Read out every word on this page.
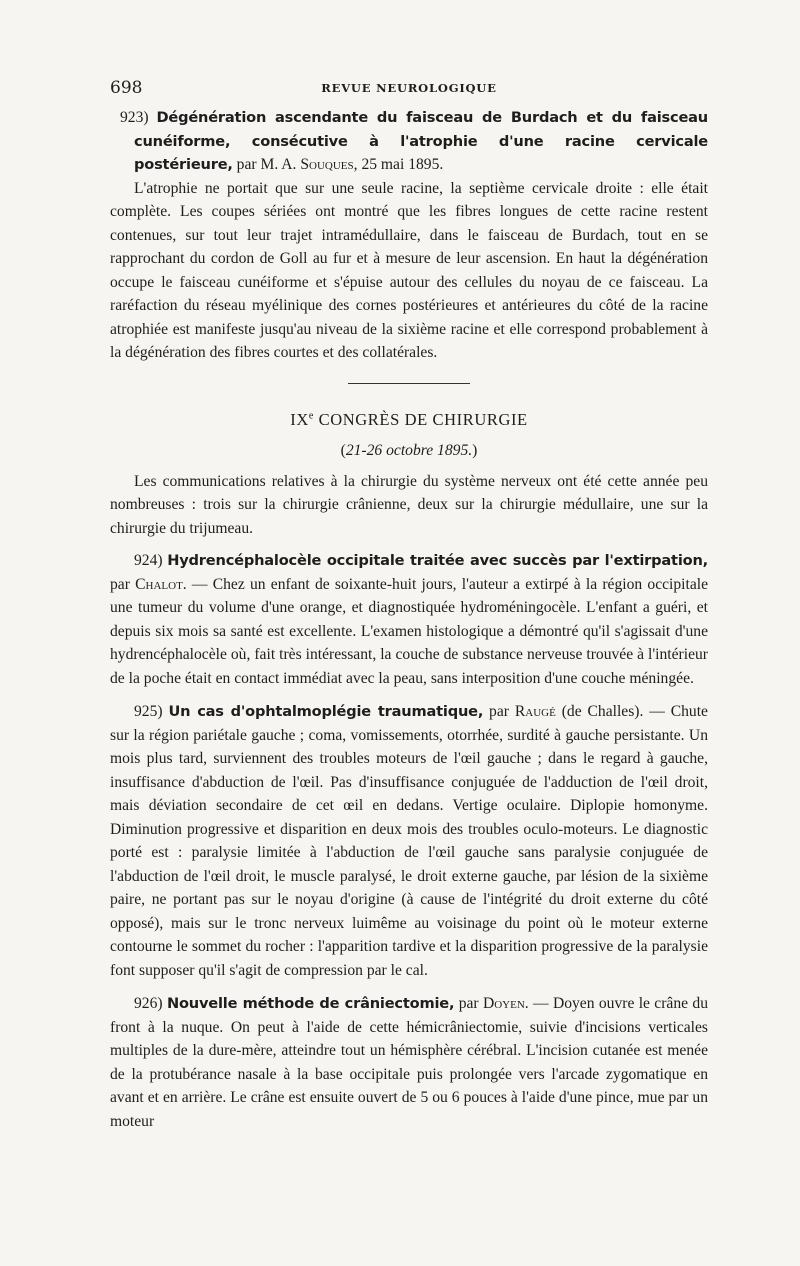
698	REVUE NEUROLOGIQUE

923) Dégénération ascendante du faisceau de Burdach et du faisceau cunéiforme, consécutive à l'atrophie d'une racine cervicale postérieure, par M. A. Souques, 25 mai 1895.

L'atrophie ne portait que sur une seule racine, la septième cervicale droite : elle était complète. Les coupes sériées ont montré que les fibres longues de cette racine restent contenues, sur tout leur trajet intramédullaire, dans le faisceau de Burdach, tout en se rapprochant du cordon de Goll au fur et à mesure de leur ascension. En haut la dégénération occupe le faisceau cunéiforme et s'épuise autour des cellules du noyau de ce faisceau. La raréfaction du réseau myélinique des cornes postérieures et antérieures du côté de la racine atrophiée est manifeste jusqu'au niveau de la sixième racine et elle correspond probablement à la dégénération des fibres courtes et des collatérales.

IXe CONGRÈS DE CHIRURGIE
(21-26 octobre 1895.)

Les communications relatives à la chirurgie du système nerveux ont été cette année peu nombreuses : trois sur la chirurgie crânienne, deux sur la chirurgie médullaire, une sur la chirurgie du trijumeau.

924) Hydrencéphalocèle occipitale traitée avec succès par l'extirpation, par Chalot. — Chez un enfant de soixante-huit jours, l'auteur a extirpé à la région occipitale une tumeur du volume d'une orange, et diagnostiquée hydroméningocèle. L'enfant a guéri, et depuis six mois sa santé est excellente. L'examen histologique a démontré qu'il s'agissait d'une hydrencéphalocèle où, fait très intéressant, la couche de substance nerveuse trouvée à l'intérieur de la poche était en contact immédiat avec la peau, sans interposition d'une couche méningée.

925) Un cas d'ophtalmoplégie traumatique, par Raugé (de Challes). — Chute sur la région pariétale gauche ; coma, vomissements, otorrhée, surdité à gauche persistante. Un mois plus tard, surviennent des troubles moteurs de l'œil gauche ; dans le regard à gauche, insuffisance d'abduction de l'œil. Pas d'insuffisance conjuguée de l'adduction de l'œil droit, mais déviation secondaire de cet œil en dedans. Vertige oculaire. Diplopie homonyme. Diminution progressive et disparition en deux mois des troubles oculo-moteurs. Le diagnostic porté est : paralysie limitée à l'abduction de l'œil gauche sans paralysie conjuguée de l'abduction de l'œil droit, le muscle paralysé, le droit externe gauche, par lésion de la sixième paire, ne portant pas sur le noyau d'origine (à cause de l'intégrité du droit externe du côté opposé), mais sur le tronc nerveux luimême au voisinage du point où le moteur externe contourne le sommet du rocher : l'apparition tardive et la disparition progressive de la paralysie font supposer qu'il s'agit de compression par le cal.

926) Nouvelle méthode de crâniectomie, par Doyen. — Doyen ouvre le crâne du front à la nuque. On peut à l'aide de cette hémicrâniectomie, suivie d'incisions verticales multiples de la dure-mère, atteindre tout un hémisphère cérébral. L'incision cutanée est menée de la protubérance nasale à la base occipitale puis prolongée vers l'arcade zygomatique en avant et en arrière. Le crâne est ensuite ouvert de 5 ou 6 pouces à l'aide d'une pince, mue par un moteur
